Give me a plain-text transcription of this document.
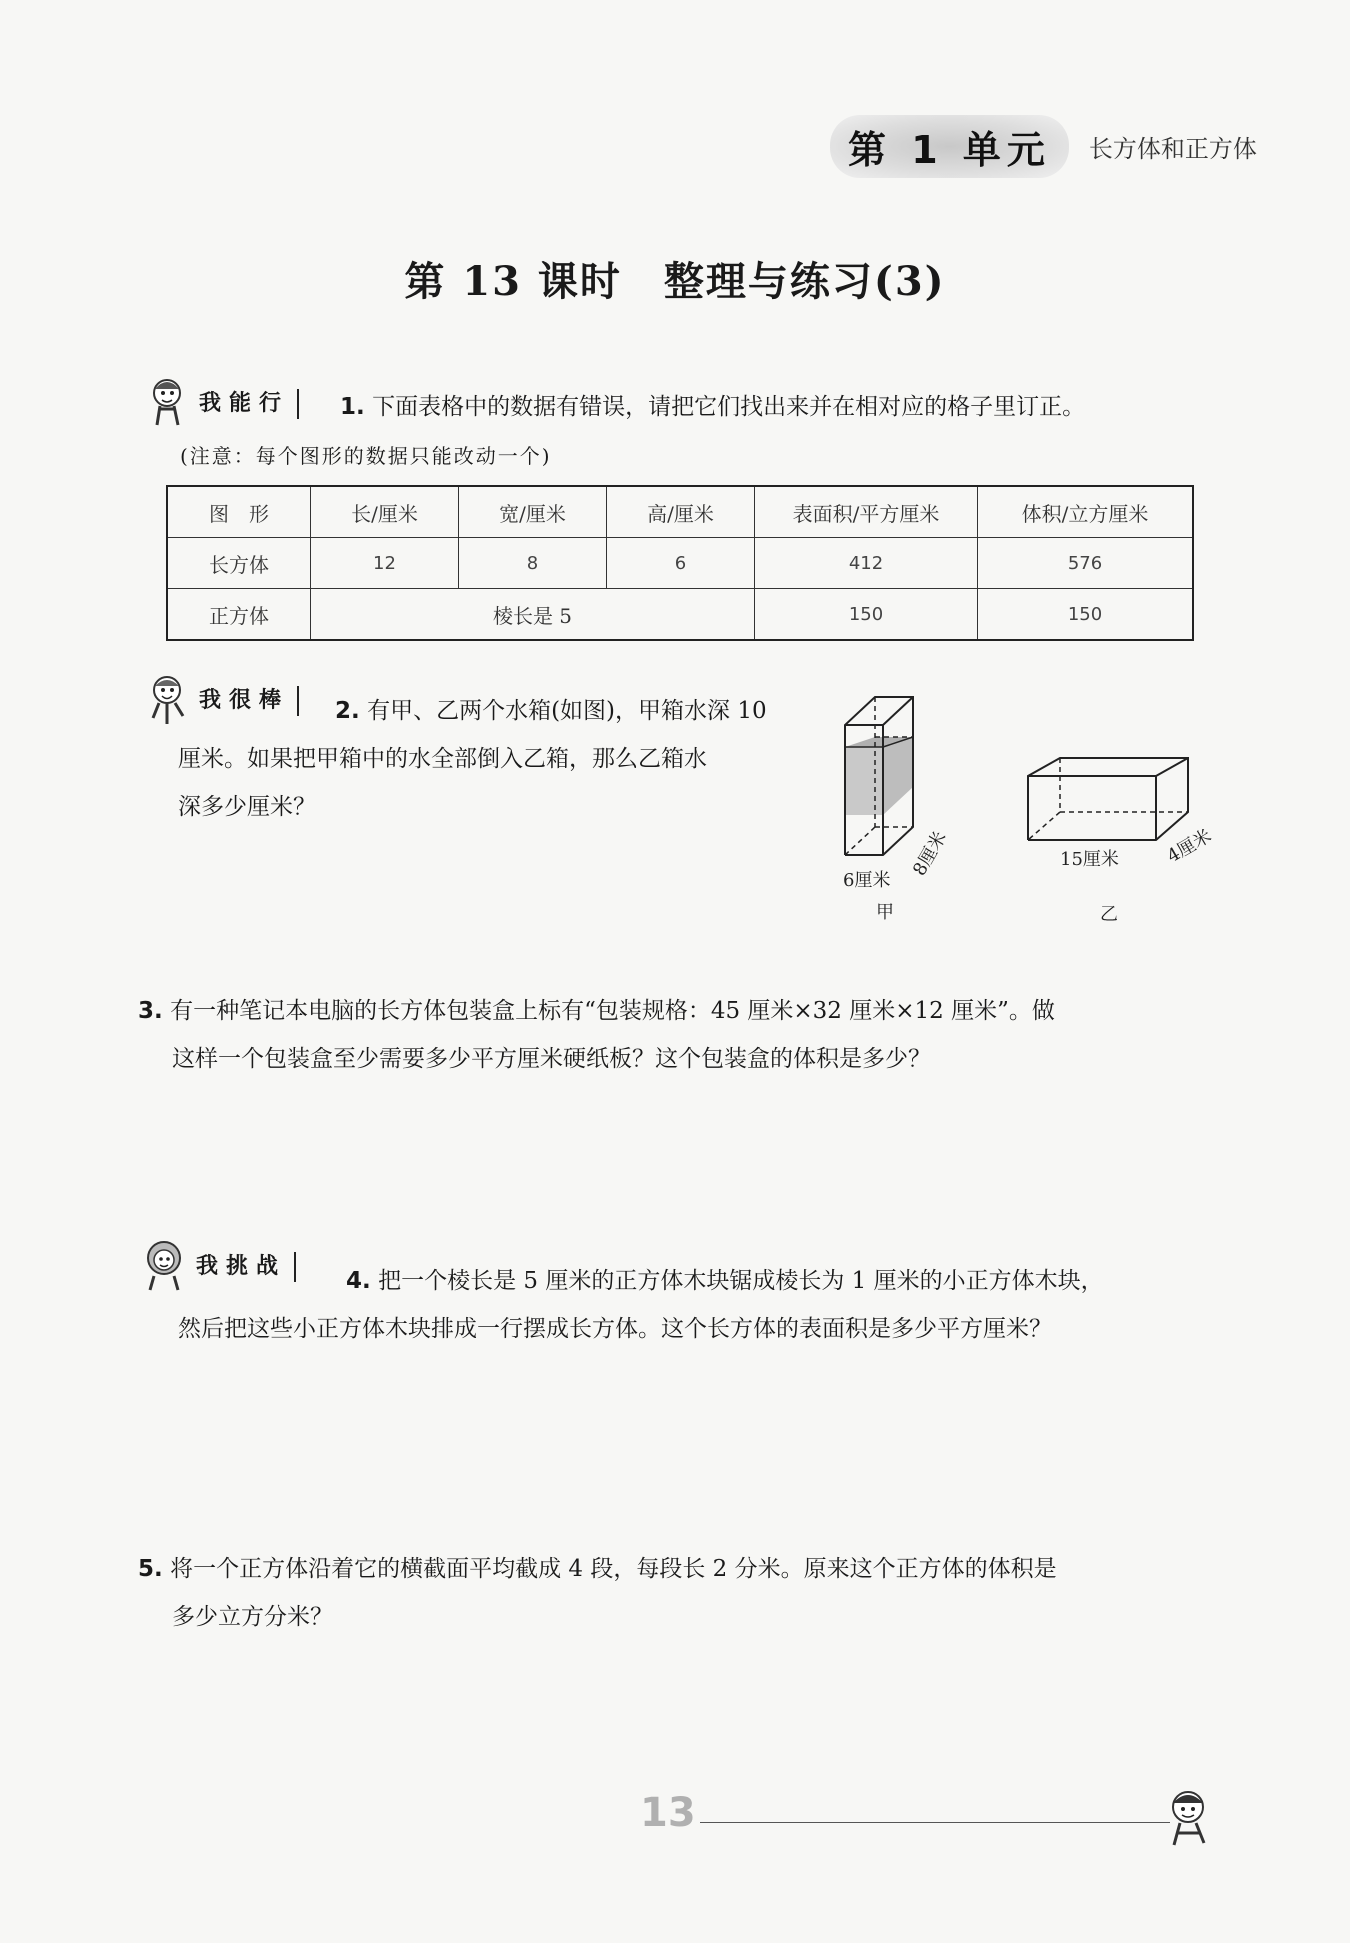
第 1 单元	长方体和正方体
第 13 课时　整理与练习(3)
我能行	1. 下面表格中的数据有错误，请把它们找出来并在相对应的格子里订正。
(注意：每个图形的数据只能改动一个)
图　形	长/厘米	宽/厘米	高/厘米	表面积/平方厘米	体积/立方厘米
长方体	12	8	6	412	576
正方体	棱长是 5			150	150
我很棒	2. 有甲、乙两个水箱(如图)，甲箱水深 10
厘米。如果把甲箱中的水全部倒入乙箱，那么乙箱水
深多少厘米？
6厘米
8厘米
甲
15厘米 4厘米
乙
3. 有一种笔记本电脑的长方体包装盒上标有“包装规格：45 厘米×32 厘米×12 厘米”。做
这样一个包装盒至少需要多少平方厘米硬纸板？这个包装盒的体积是多少？
我挑战
4. 把一个棱长是 5 厘米的正方体木块锯成棱长为 1 厘米的小正方体木块，
然后把这些小正方体木块排成一行摆成长方体。这个长方体的表面积是多少平方厘米？
5. 将一个正方体沿着它的横截面平均截成 4 段，每段长 2 分米。原来这个正方体的体积是
多少立方分米？
13
